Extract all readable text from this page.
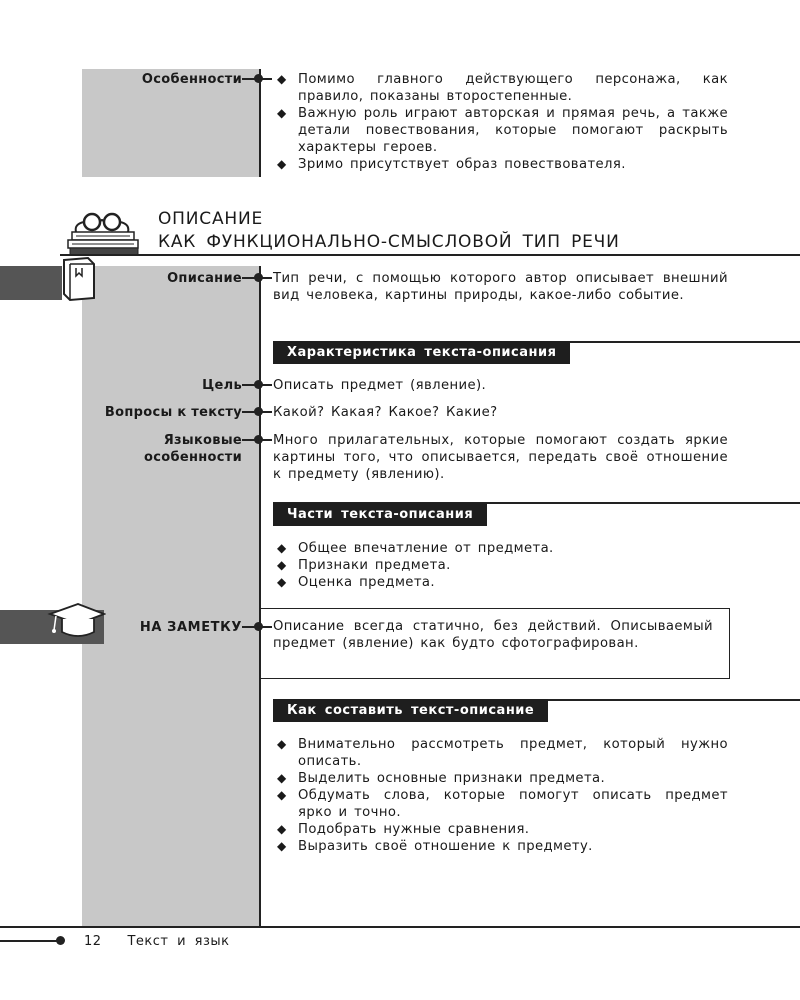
Особенности	◆ Помимо главного действующего персонажа, как правило, показаны второстепенные.
◆ Важную роль играют авторская и прямая речь, а также детали повествования, которые помогают раскрыть характеры героев.
◆ Зримо присутствует образ повествователя.
ОПИСАНИЕ
КАК ФУНКЦИОНАЛЬНО-СМЫСЛОВОЙ ТИП РЕЧИ
Описание Тип речи, с помощью которого автор описывает внешний вид человека, картины природы, какое-либо событие.
Характеристика текста-описания
Цель Описать предмет (явление).
Вопросы к тексту Какой? Какая? Какое? Какие?
Языковые
особенности
Много прилагательных, которые помогают создать яркие картины того, что описывается, передать своё отношение к предмету (явлению).
Части текста-описания
◆ Общее впечатление от предмета.
◆ Признаки предмета.
◆ Оценка предмета.
НА ЗАМЕТКУ Описание всегда статично, без действий. Описываемый предмет (явление) как будто сфотографирован.
Как составить текст-описание
◆ Внимательно рассмотреть предмет, который нужно описать.
◆ Выделить основные признаки предмета.
◆ Обдумать слова, которые помогут описать предмет ярко и точно.
◆ Подобрать нужные сравнения.
◆ Выразить своё отношение к предмету.
12 Текст и язык
